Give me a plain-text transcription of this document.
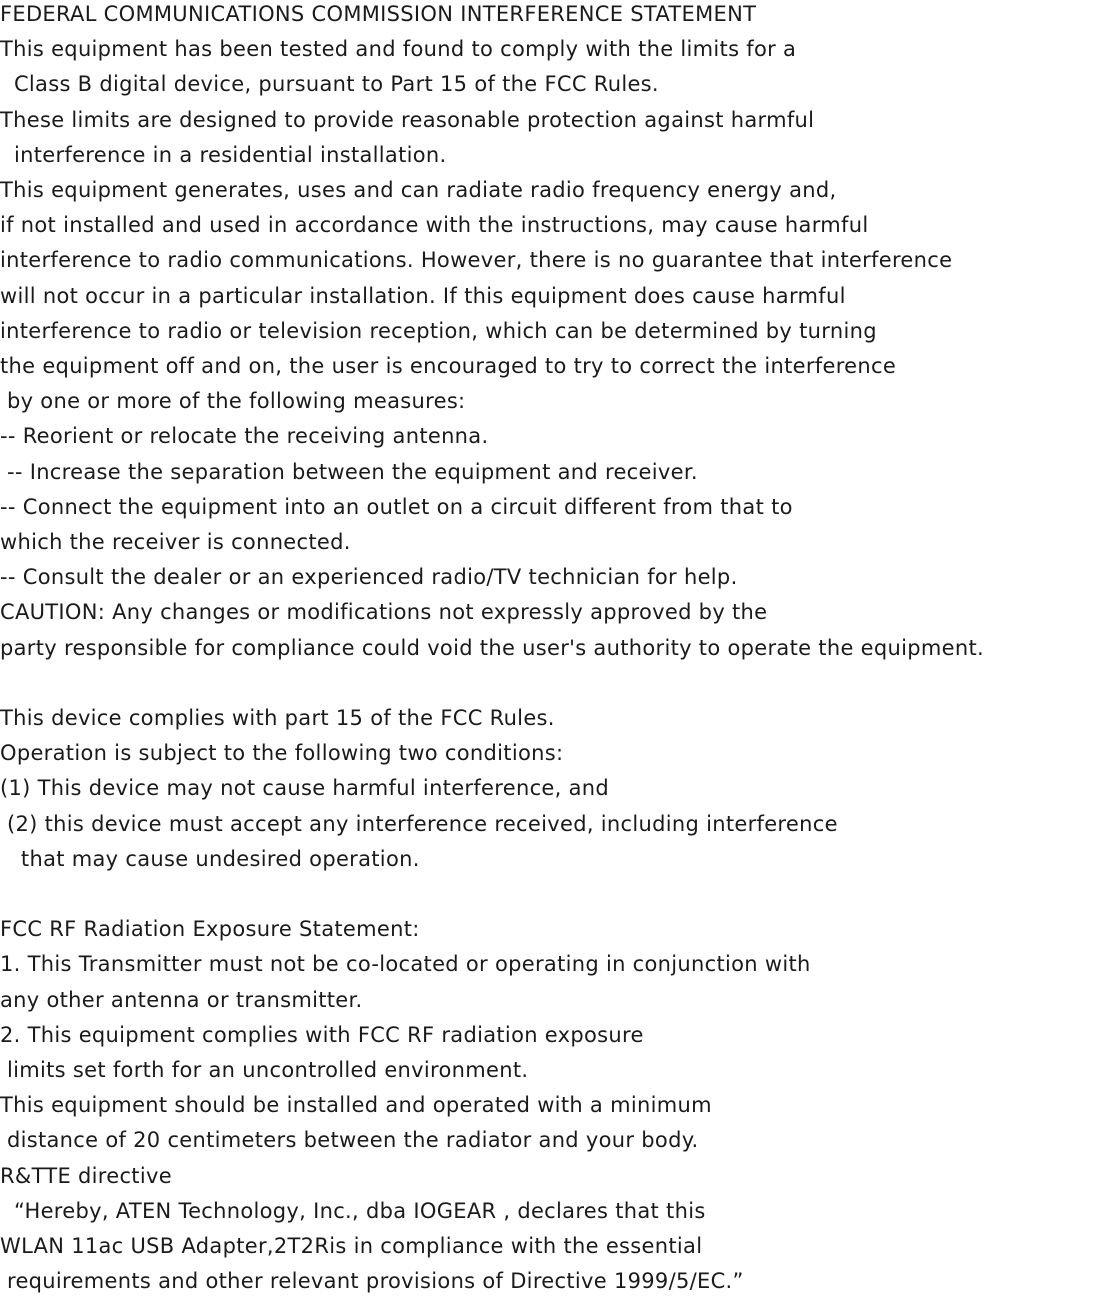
FEDERAL COMMUNICATIONS COMMISSION INTERFERENCE STATEMENT
This equipment has been tested and found to comply with the limits for a
Class B digital device, pursuant to Part 15 of the FCC Rules.
These limits are designed to provide reasonable protection against harmful
interference in a residential installation.
This equipment generates, uses and can radiate radio frequency energy and,
if not installed and used in accordance with the instructions, may cause harmful
interference to radio communications. However, there is no guarantee that interference
will not occur in a particular installation. If this equipment does cause harmful
interference to radio or television reception, which can be determined by turning
the equipment off and on, the user is encouraged to try to correct the interference
by one or more of the following measures:
-- Reorient or relocate the receiving antenna.
-- Increase the separation between the equipment and receiver.
-- Connect the equipment into an outlet on a circuit different from that to
which the receiver is connected.
-- Consult the dealer or an experienced radio/TV technician for help.
CAUTION: Any changes or modifications not expressly approved by the
party responsible for compliance could void the user's authority to operate the equipment.
This device complies with part 15 of the FCC Rules.
Operation is subject to the following two conditions:
(1) This device may not cause harmful interference, and
(2) this device must accept any interference received, including interference
that may cause undesired operation.
FCC RF Radiation Exposure Statement:
1. This Transmitter must not be co-located or operating in conjunction with
any other antenna or transmitter.
2. This equipment complies with FCC RF radiation exposure
limits set forth for an uncontrolled environment.
This equipment should be installed and operated with a minimum
distance of 20 centimeters between the radiator and your body.
R&TTE directive
“Hereby, ATEN Technology, Inc., dba IOGEAR , declares that this
WLAN 11ac USB Adapter,2T2Ris in compliance with the essential
requirements and other relevant provisions of Directive 1999/5/EC.”
